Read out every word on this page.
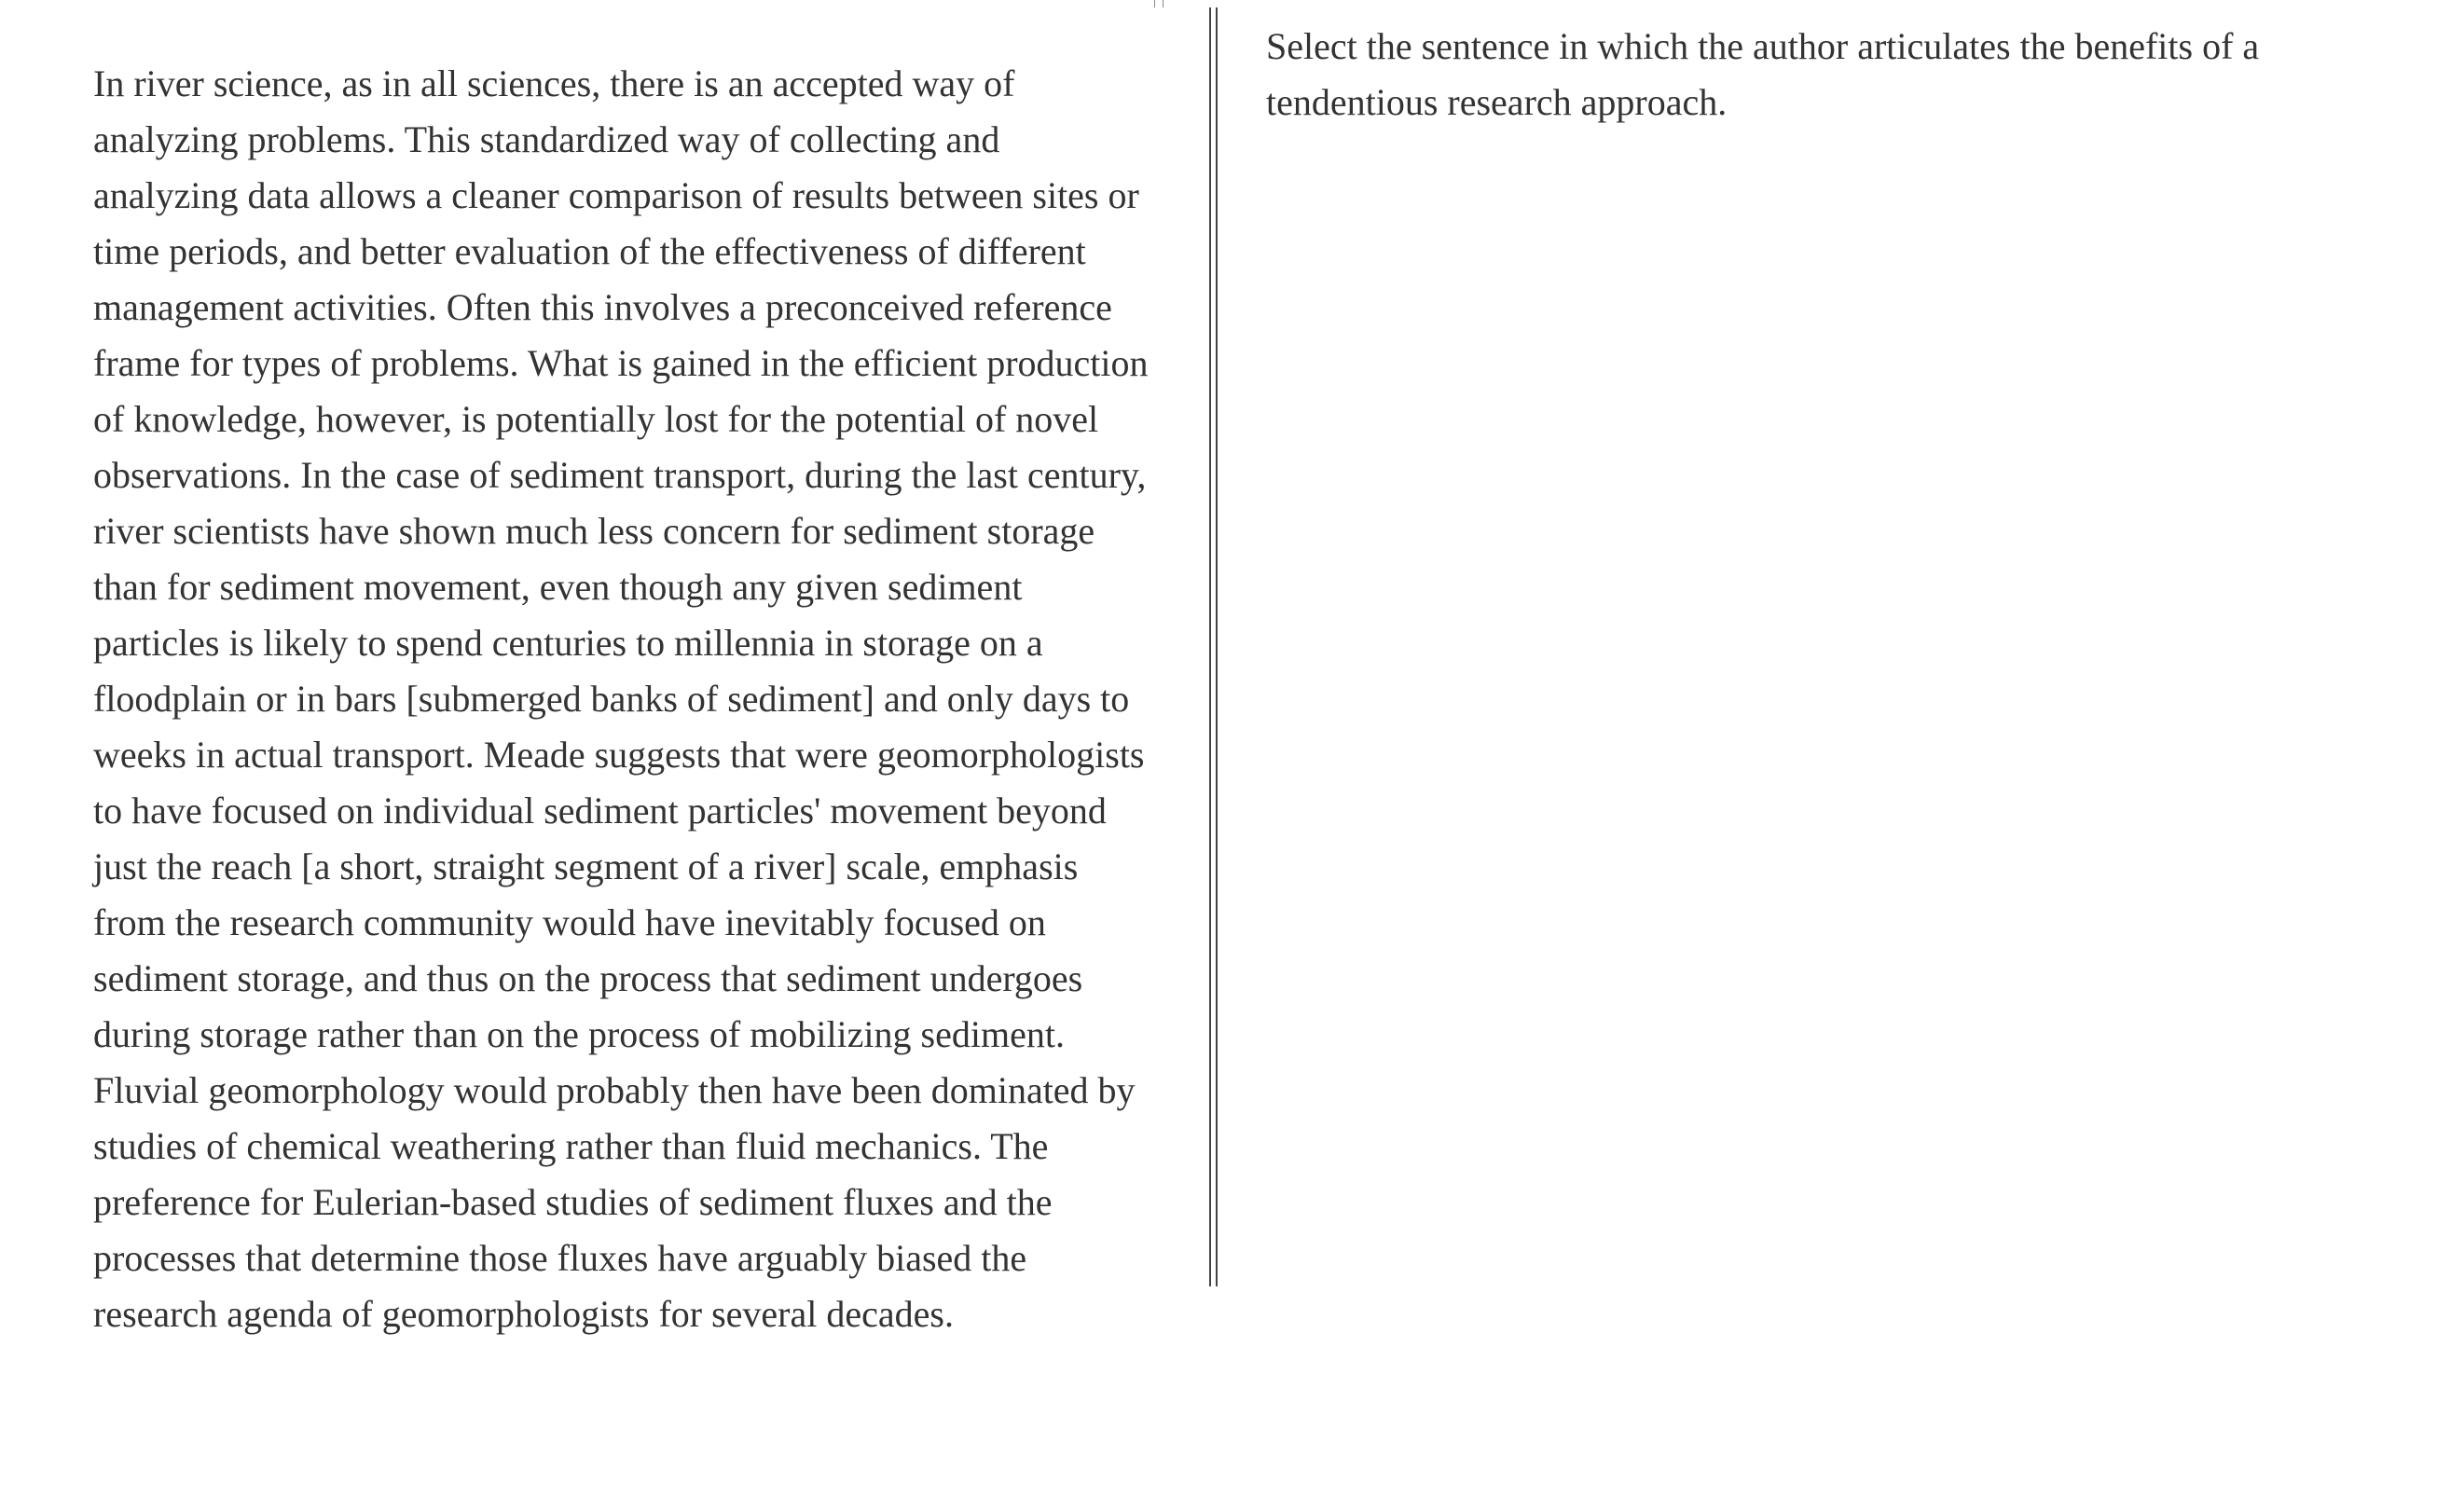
In river science, as in all sciences, there is an accepted way of analyzing problems. This standardized way of collecting and analyzing data allows a cleaner comparison of results between sites or time periods, and better evaluation of the effectiveness of different management activities. Often this involves a preconceived reference frame for types of problems. What is gained in the efficient production of knowledge, however, is potentially lost for the potential of novel observations. In the case of sediment transport, during the last century, river scientists have shown much less concern for sediment storage than for sediment movement, even though any given sediment particles is likely to spend centuries to millennia in storage on a floodplain or in bars [submerged banks of sediment] and only days to weeks in actual transport. Meade suggests that were geomorphologists to have focused on individual sediment particles' movement beyond just the reach [a short, straight segment of a river] scale, emphasis from the research community would have inevitably focused on sediment storage, and thus on the process that sediment undergoes during storage rather than on the process of mobilizing sediment. Fluvial geomorphology would probably then have been dominated by studies of chemical weathering rather than fluid mechanics. The preference for Eulerian-based studies of sediment fluxes and the processes that determine those fluxes have arguably biased the research agenda of geomorphologists for several decades.
Select the sentence in which the author articulates the benefits of a tendentious research approach.
